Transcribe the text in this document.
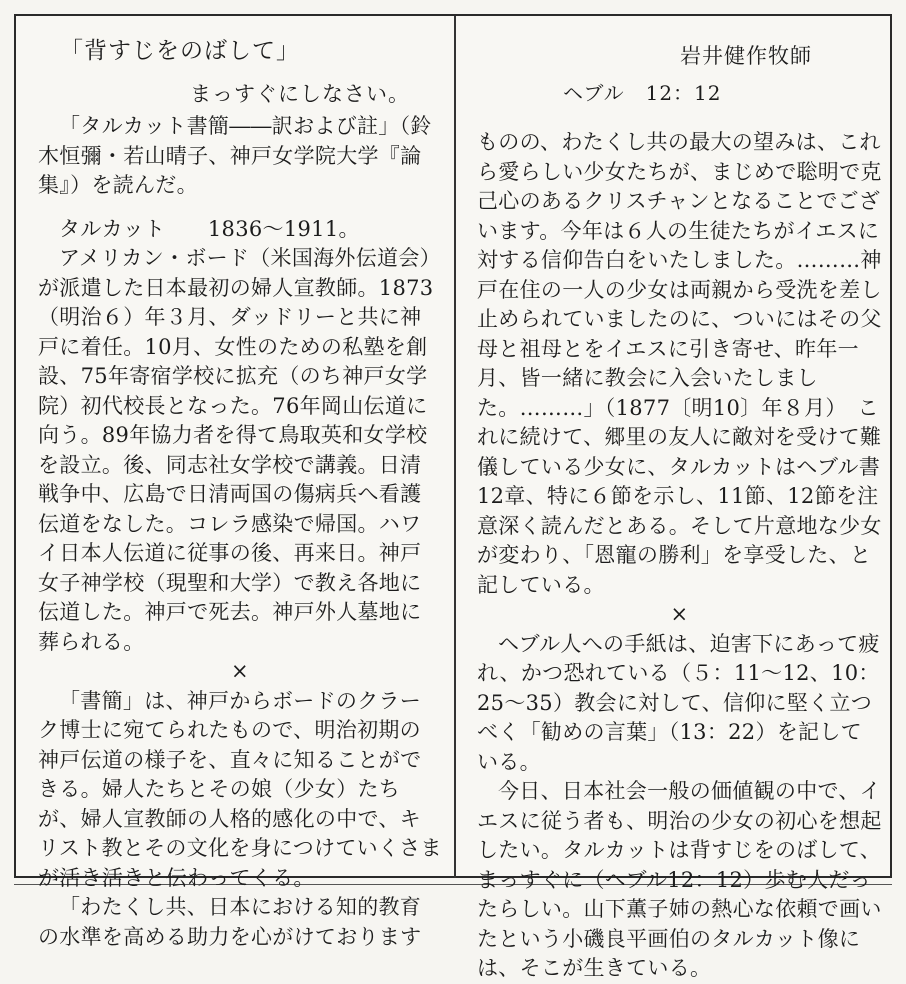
「背すじをのばして」
まっすぐにしなさい。
岩井健作牧師
ヘブル　12：12

「タルカット書簡――訳および註」（鈴木恒彌・若山晴子、神戸女学院大学『論集』）を読んだ。

タルカット　　1836～1911。

アメリカン・ボード（米国海外伝道会）が派遣した日本最初の婦人宣教師。1873（明治６）年３月、ダッドリーと共に神戸に着任。10月、女性のための私塾を創設、75年寄宿学校に拡充（のち神戸女学院）初代校長となった。76年岡山伝道に向う。89年協力者を得て鳥取英和女学校を設立。後、同志社女学校で講義。日清戦争中、広島で日清両国の傷病兵へ看護伝道をなした。コレラ感染で帰国。ハワイ日本人伝道に従事の後、再来日。神戸女子神学校（現聖和大学）で教え各地に伝道した。神戸で死去。神戸外人墓地に葬られる。

×

「書簡」は、神戸からボードのクラーク博士に宛てられたもので、明治初期の神戸伝道の様子を、直々に知ることができる。婦人たちとその娘（少女）たちが、婦人宣教師の人格的感化の中で、キリスト教とその文化を身につけていくさまが活き活きと伝わってくる。

「わたくし共、日本における知的教育の水準を高める助力を心がけております

ものの、わたくし共の最大の望みは、これら愛らしい少女たちが、まじめで聡明で克己心のあるクリスチャンとなることでございます。今年は６人の生徒たちがイエスに対する信仰告白をいたしました。………神戸在住の一人の少女は両親から受洗を差し止められていましたのに、ついにはその父母と祖母とをイエスに引き寄せ、昨年一月、皆一緒に教会に入会いたしました。………」（1877〔明10〕年８月）　これに続けて、郷里の友人に敵対を受けて難儀している少女に、タルカットはヘブル書12章、特に６節を示し、11節、12節を注意深く読んだとある。そして片意地な少女が変わり、「恩寵の勝利」を享受した、と記している。

×

ヘブル人への手紙は、迫害下にあって疲れ、かつ恐れている（５：11～12、10：25～35）教会に対して、信仰に堅く立つべく「勧めの言葉」（13：22）を記している。

今日、日本社会一般の価値観の中で、イエスに従う者も、明治の少女の初心を想起したい。タルカットは背すじをのばして、まっすぐに（ヘブル12：12）歩む人だったらしい。山下薫子姉の熱心な依頼で画いたという小磯良平画伯のタルカット像には、そこが生きている。
